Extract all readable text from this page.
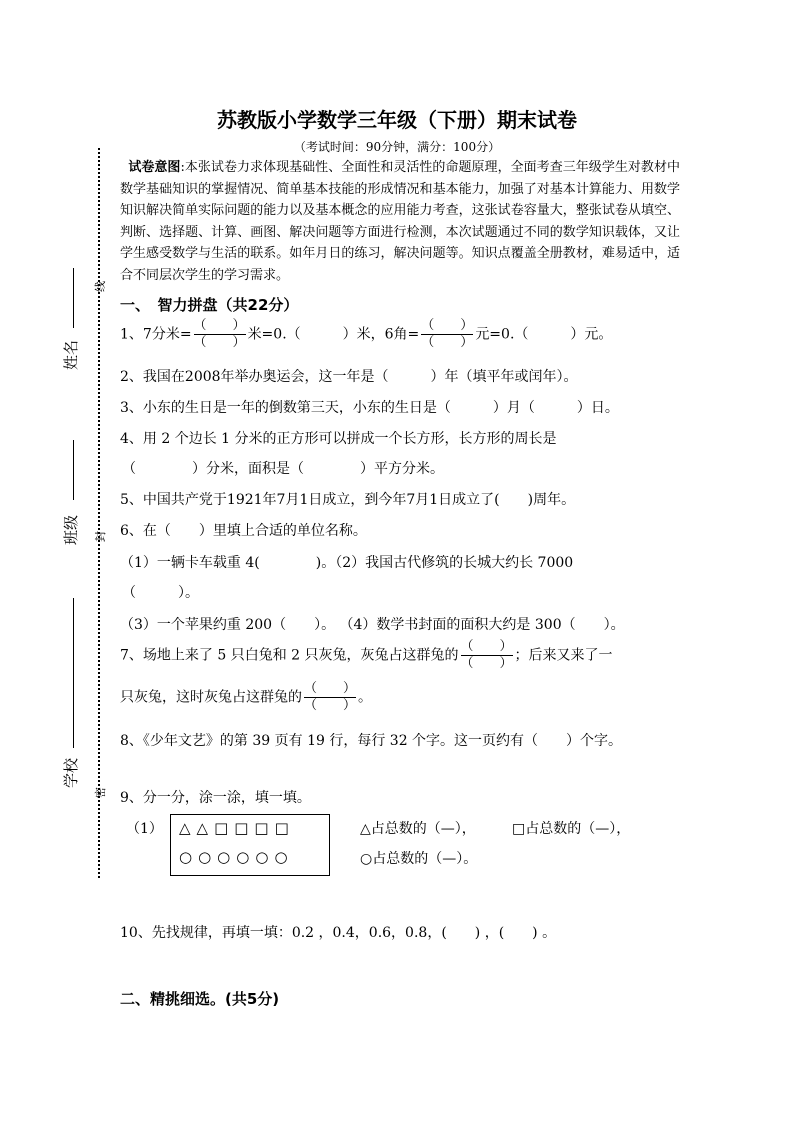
苏教版小学数学三年级（下册）期末试卷
（考试时间：90分钟，满分：100分）
试卷意图:本张试卷力求体现基础性、全面性和灵活性的命题原理，全面考查三年级学生对教材中数学基础知识的掌握情况、简单基本技能的形成情况和基本能力，加强了对基本计算能力、用数学知识解决简单实际问题的能力以及基本概念的应用能力考查，这张试卷容量大，整张试卷从填空、判断、选择题、计算、画图、解决问题等方面进行检测，本次试题通过不同的数学知识载体，又让学生感受数学与生活的联系。如年月日的练习，解决问题等。知识点覆盖全册教材，难易适中，适合不同层次学生的学习需求。
姓名
班级
学校
线
封
密
一、　智力拼盘（共22分）
1、7分米= $\frac{( )}{( )}$ 米=0.（　　　）米，6角= $\frac{( )}{( )}$ 元=0.（　　　）元。
2、我国在2008年举办奥运会，这一年是（　　　）年（填平年或闰年）。
3、小东的生日是一年的倒数第三天，小东的生日是（　　　）月（　　　）日。
4、用 2 个边长 1 分米的正方形可以拼成一个长方形，长方形的周长是
（　　　　）分米，面积是（　　　　）平方分米。
5、中国共产党于1921年7月1日成立，到今年7月1日成立了(　　)周年。
6、在（　　）里填上合适的单位名称。
（1）一辆卡车载重 4(　　　　)。（2）我国古代修筑的长城大约长 7000
（　　　）。
（3）一个苹果约重 200（　　）。 （4）数学书封面的面积大约是 300（　　）。
7、场地上来了 5 只白兔和 2 只灰兔，灰兔占这群兔的 $\frac{( )}{( )}$ ；后来又来了一
只灰兔，这时灰兔占这群兔的 $\frac{( )}{( )}$ 。
8、《少年文艺》的第 39 页有 19 行，每行 32 个字。这一页约有（　　）个字。
9、分一分，涂一涂，填一填。
（1） △△□□□□
○○○○○○
△占总数的（—），	□占总数的（—），
○占总数的（—）。
10、先找规律，再填一填：0.2 ，0.4，0.6，0.8，(　　) ，(　　) 。
二、精挑细选。(共5分)
